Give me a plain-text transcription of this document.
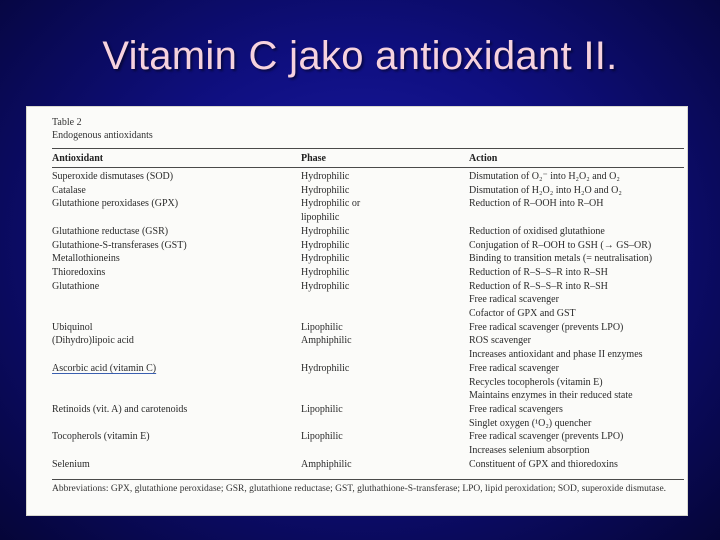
Vitamin C jako antioxidant II.
Table 2
Endogenous antioxidants
Antioxidant	Phase	Action
Superoxide dismutases (SOD)	Hydrophilic	Dismutation of O₂⁻ into H₂O₂ and O₂
Catalase	Hydrophilic	Dismutation of H₂O₂ into H₂O and O₂
Glutathione peroxidases (GPX)	Hydrophilic or	Reduction of R–OOH into R–OH
lipophilic
Glutathione reductase (GSR)	Hydrophilic	Reduction of oxidised glutathione
Glutathione-S-transferases (GST)	Hydrophilic	Conjugation of R–OOH to GSH (→ GS–OR)
Metallothioneins	Hydrophilic	Binding to transition metals (= neutralisation)
Thioredoxins	Hydrophilic	Reduction of R–S–S–R into R–SH
Glutathione	Hydrophilic	Reduction of R–S–S–R into R–SH
Free radical scavenger
Cofactor of GPX and GST
Ubiquinol	Lipophilic	Free radical scavenger (prevents LPO)
(Dihydro)lipoic acid	Amphiphilic	ROS scavenger
Increases antioxidant and phase II enzymes
Ascorbic acid (vitamin C)	Hydrophilic	Free radical scavenger
Recycles tocopherols (vitamin E)
Maintains enzymes in their reduced state
Retinoids (vit. A) and carotenoids	Lipophilic	Free radical scavengers
Singlet oxygen (¹O₂) quencher
Tocopherols (vitamin E)	Lipophilic	Free radical scavenger (prevents LPO)
Increases selenium absorption
Selenium	Amphiphilic	Constituent of GPX and thioredoxins
Abbreviations: GPX, glutathione peroxidase; GSR, glutathione reductase; GST, gluthathione-S-transferase; LPO, lipid peroxidation; SOD, superoxide dismutase.
